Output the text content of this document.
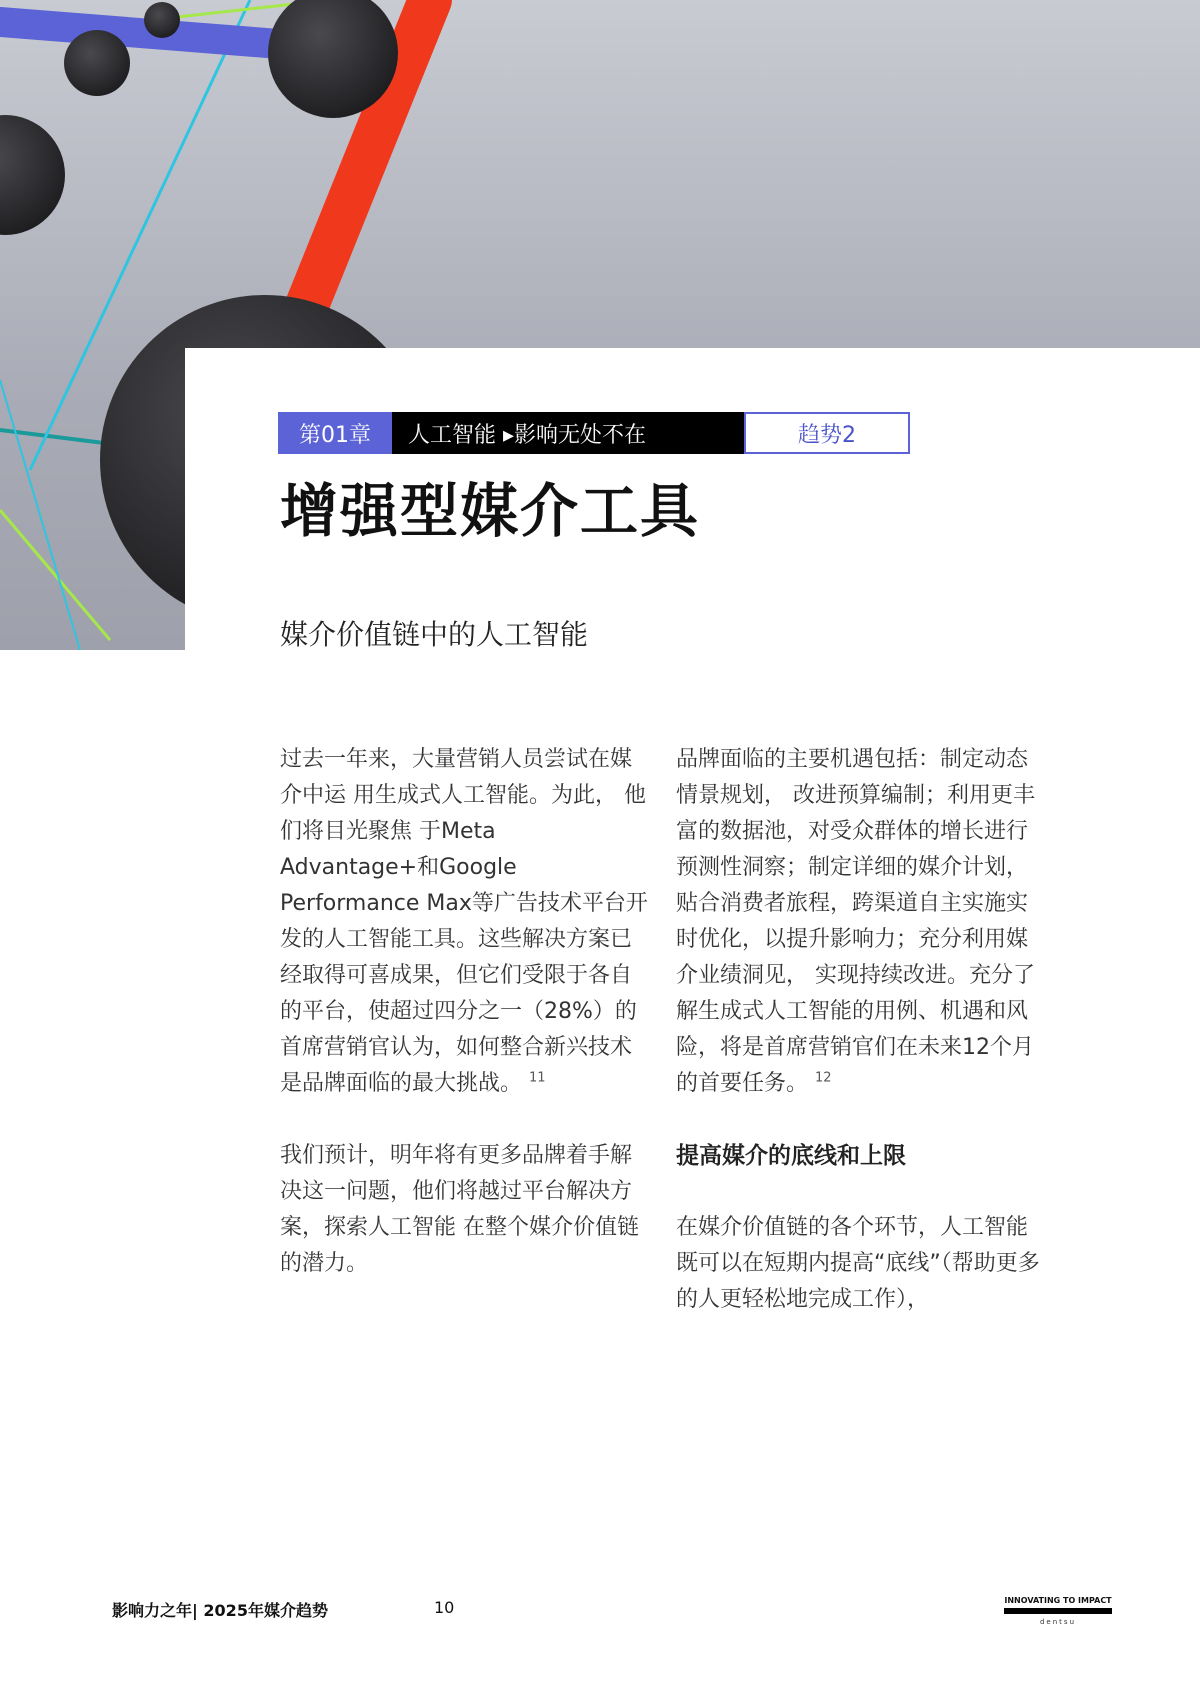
第01章	人工智能 ▸影响无处不在	趋势2
增强型媒介工具
媒介价值链中的人工智能

过去一年来，大量营销人员尝试在媒介中运 用生成式人工智能。为此， 他们将目光聚焦 于Meta Advantage+和Google Performance Max等广告技术平台开发的人工智能工具。这些解决方案已经取得可喜成果，但它们受限于各自的平台，使超过四分之一（28%）的首席营销官认为，如何整合新兴技术是品牌面临的最大挑战。 $^{11}$

我们预计，明年将有更多品牌着手解决这一问题，他们将越过平台解决方案，探索人工智能 在整个媒介价值链的潜力。

品牌面临的主要机遇包括：制定动态情景规划， 改进预算编制；利用更丰富的数据池，对受众群体的增长进行预测性洞察；制定详细的媒介计划，贴合消费者旅程，跨渠道自主实施实时优化，以提升影响力；充分利用媒介业绩洞见， 实现持续改进。充分了解生成式人工智能的用例、机遇和风险，将是首席营销官们在未来12个月的首要任务。 $^{12}$

提高媒介的底线和上限

在媒介价值链的各个环节，人工智能既可以在短期内提高“底线”（帮助更多的人更轻松地完成工作），

影响力之年| 2025年媒介趋势	10	INNOVATING TO IMPACT
dentsu
